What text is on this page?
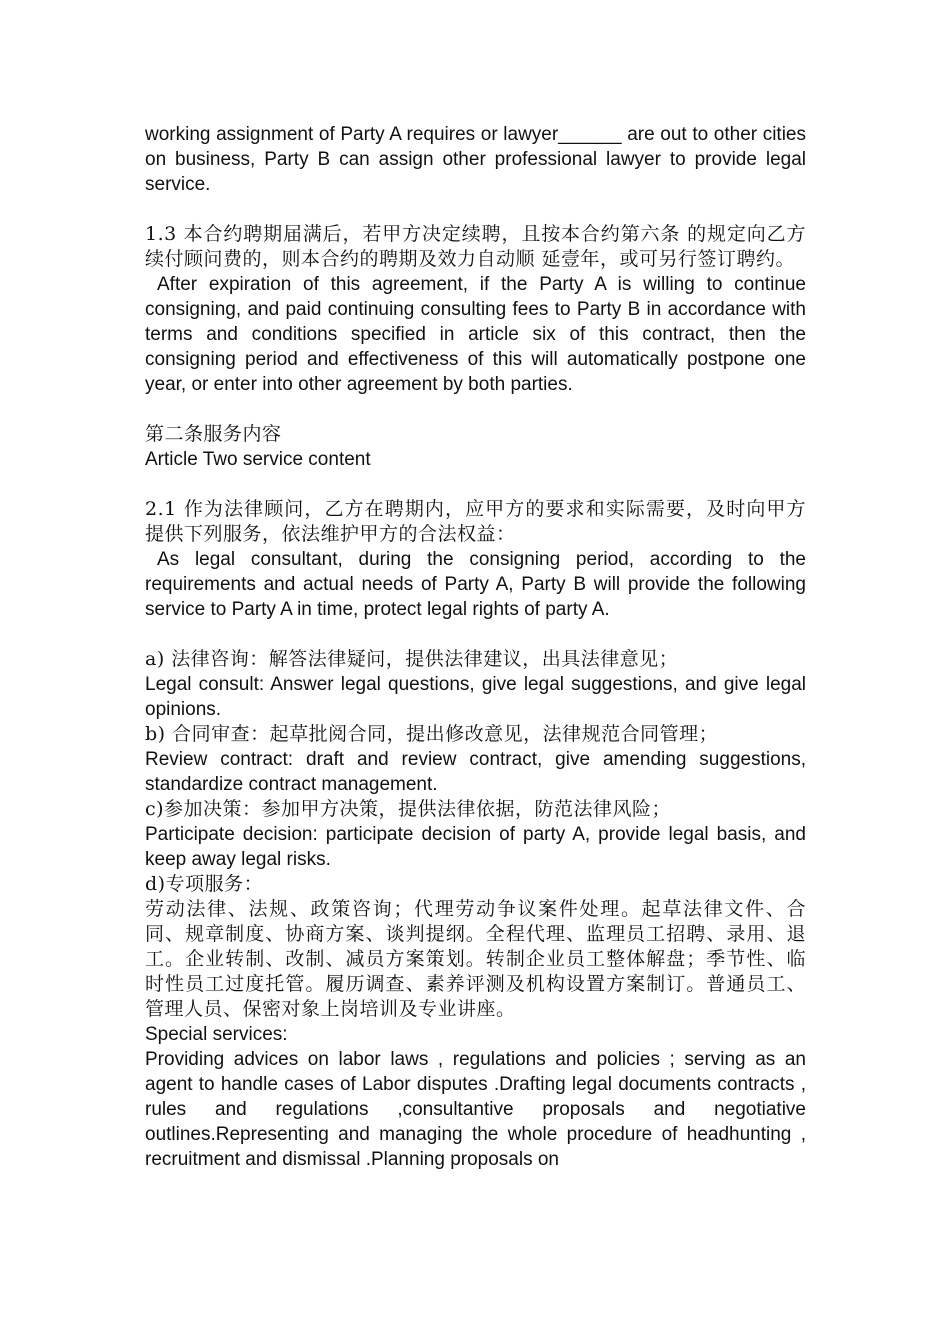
working assignment of Party A requires or lawyer______ are out to other cities on business, Party B can assign other professional lawyer to provide legal service.

1.3 本合约聘期届满后，若甲方决定续聘，且按本合约第六条 的规定向乙方续付顾问费的，则本合约的聘期及效力自动顺 延壹年，或可另行签订聘约。

After expiration of this agreement, if the Party A is willing to continue consigning, and paid continuing consulting fees to Party B in accordance with terms and conditions specified in article six of this contract, then the consigning period and effectiveness of this will automatically postpone one year, or enter into other agreement by both parties.

第二条服务内容

Article Two service content

2.1 作为法律顾问，乙方在聘期内，应甲方的要求和实际需要，及时向甲方提供下列服务，依法维护甲方的合法权益：

As legal consultant, during the consigning period, according to the requirements and actual needs of Party A, Party B will provide the following service to Party A in time, protect legal rights of party A.

a) 法律咨询：解答法律疑问，提供法律建议，出具法律意见；

Legal consult: Answer legal questions, give legal suggestions, and give legal opinions.

b) 合同审查：起草批阅合同，提出修改意见，法律规范合同管理；

Review contract: draft and review contract, give amending suggestions, standardize contract management.

c)参加决策：参加甲方决策，提供法律依据，防范法律风险；

Participate decision: participate decision of party A, provide legal basis, and keep away legal risks.

d)专项服务：

劳动法律、法规、政策咨询；代理劳动争议案件处理。起草法律文件、合同、规章制度、协商方案、谈判提纲。全程代理、监理员工招聘、录用、退工。企业转制、改制、减员方案策划。转制企业员工整体解盘；季节性、临时性员工过度托管。履历调查、素养评测及机构设置方案制订。普通员工、管理人员、保密对象上岗培训及专业讲座。

Special services:

Providing advices on labor laws , regulations and policies ; serving as an agent to handle cases of Labor disputes .Drafting legal documents contracts , rules and regulations ,consultantive proposals and negotiative outlines.Representing and managing the whole procedure of headhunting , recruitment and dismissal .Planning proposals on
